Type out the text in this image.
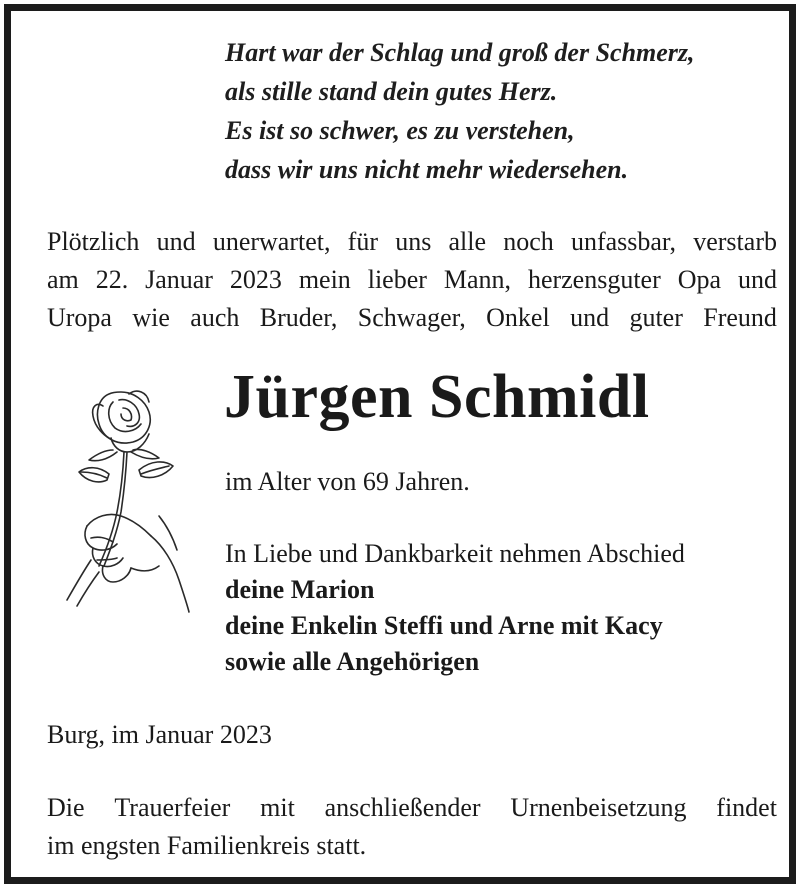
Hart war der Schlag und groß der Schmerz,
als stille stand dein gutes Herz.
Es ist so schwer, es zu verstehen,
dass wir uns nicht mehr wiedersehen.
Plötzlich und unerwartet, für uns alle noch unfassbar, verstarb
am 22. Januar 2023 mein lieber Mann, herzensguter Opa und
Uropa wie auch Bruder, Schwager, Onkel und guter Freund
Jürgen Schmidl
im Alter von 69 Jahren.
In Liebe und Dankbarkeit nehmen Abschied
deine Marion
deine Enkelin Steffi und Arne mit Kacy
sowie alle Angehörigen
Burg, im Januar 2023
Die Trauerfeier mit anschließender Urnenbeisetzung findet
im engsten Familienkreis statt.
